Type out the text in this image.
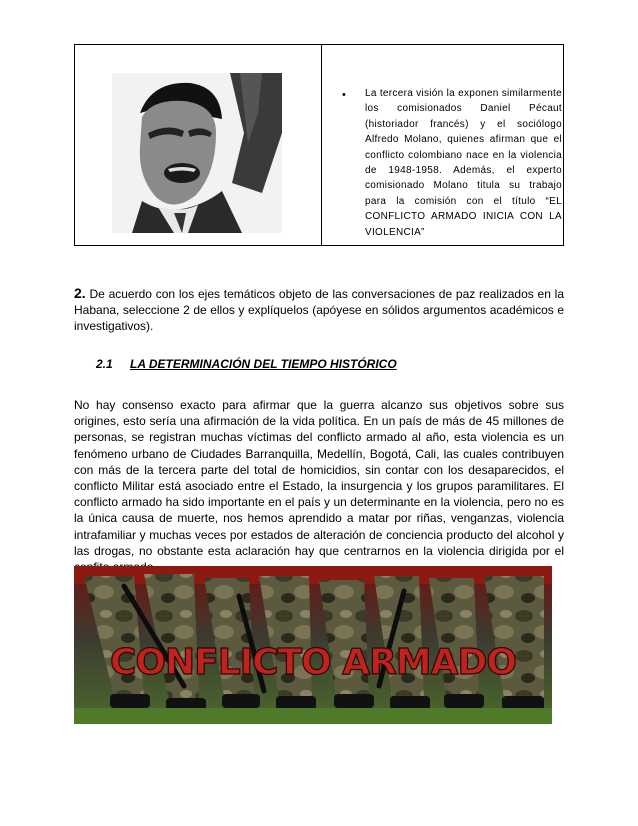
• La tercera visión la exponen similarmente los comisionados Daniel Pécaut (historiador francés) y el sociólogo Alfredo Molano, quienes afirman que el conflicto colombiano nace en la violencia de 1948-1958. Además, el experto comisionado Molano titula su trabajo para la comisión con el título “EL CONFLICTO ARMADO INICIA CON LA VIOLENCIA”
2. De acuerdo con los ejes temáticos objeto de las conversaciones de paz realizados en la Habana, seleccione 2 de ellos y explíquelos (apóyese en sólidos argumentos académicos e investigativos).
2.1 LA DETERMINACIÓN DEL TIEMPO HISTÓRICO
No hay consenso exacto para afirmar que la guerra alcanzo sus objetivos sobre sus origines, esto sería una afirmación de la vida política. En un país de más de 45 millones de personas, se registran muchas víctimas del conflicto armado al año, esta violencia es un fenómeno urbano de Ciudades Barranquilla, Medellín, Bogotá, Cali, las cuales contribuyen con más de la tercera parte del total de homicidios, sin contar con los desaparecidos, el conflicto Militar está asociado entre el Estado, la insurgencia y los grupos paramilitares. El conflicto armado ha sido importante en el país y un determinante en la violencia, pero no es la única causa de muerte, nos hemos aprendido a matar por riñas, venganzas, violencia intrafamiliar y muchas veces por estados de alteración de conciencia producto del alcohol y las drogas, no obstante esta aclaración hay que centrarnos en la violencia dirigida por el
CONFLICTO ARMADO
